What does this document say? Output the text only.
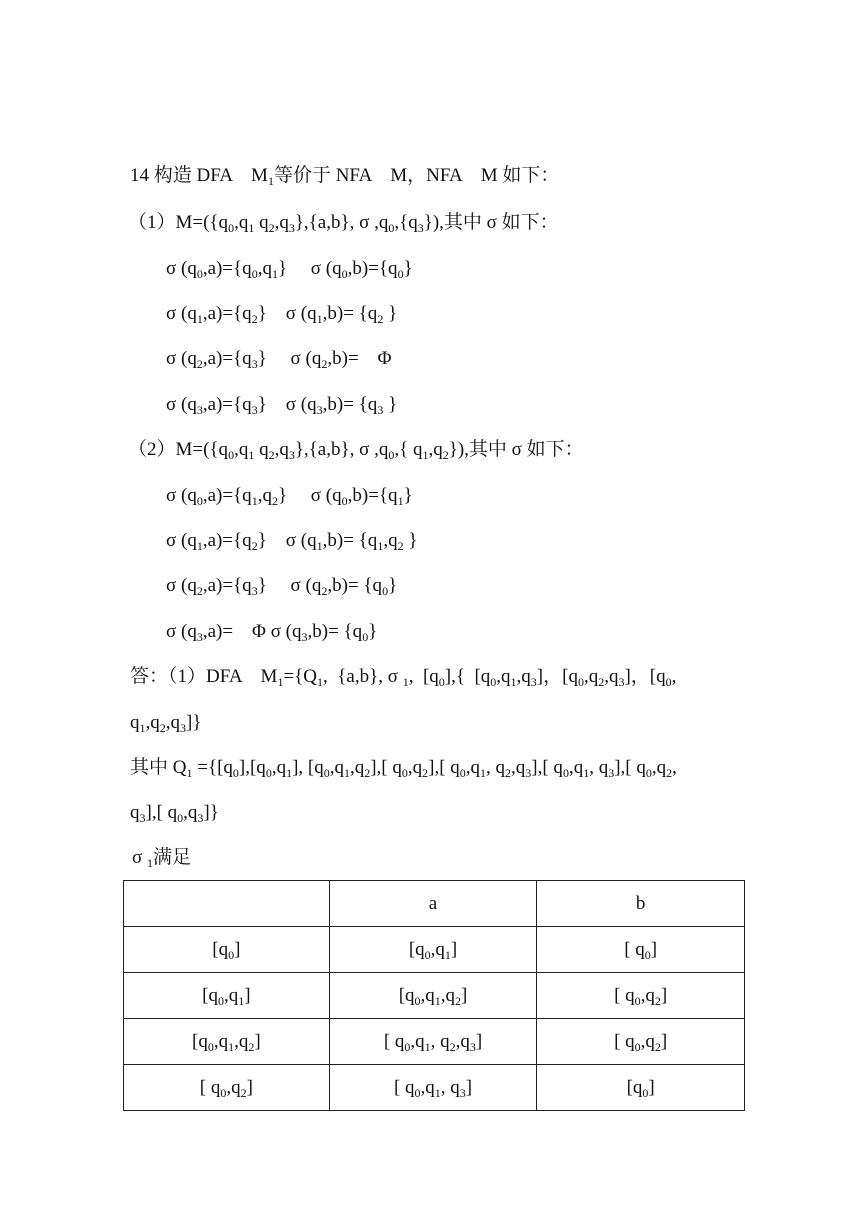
14 构造 DFA　$M_1$等价于 NFA　M，NFA　M 如下：
$(1)M=(\{q_0,q_1$ $q_2,q_3\},\{a,b\}$, σ $,q_0,\{q_3\}$),其中 σ 如下：
σ $(q_0,a)=\{q_0,q_1\}$　 σ $(q_0,b)=\{q_0\}$
σ $(q_1,a)=\{q_2\}$　σ $(q_1,b)= \{q_2$ }
σ $(q_2,a)=\{q_3\}$　 σ $(q_2,b)=$　Φ
σ $(q_3,a)=\{q_3\}$　σ $(q_3,b)= \{q_3$ }
$(2)M=(\{q_0,q_1$ $q_2,q_3\},\{a,b\}$, σ $,q_0$,{ $q_1,q_2$}),其中 σ 如下：
σ $(q_0,a)=\{q_1,q_2\}$　 σ $(q_0,b)=\{q_1\}$
σ $(q_1,a)=\{q_2\}$　σ $(q_1,b)= \{q_1,q_2$ }
σ $(q_2,a)=\{q_3\}$　 σ $(q_2,b)= \{q_0\}$
σ $(q_3,a)=$　Φ σ $(q_3,b)= \{q_0\}$
答：（1）DFA　$M_1=\{Q_1$,  {a,b}, σ $_1$,  $[q_0]$,{  $[q_0,q_1,q_3]$，$[q_0,q_2,q_3]$，[$q_0$,
$q_1,q_2,q_3$]}
其中 $Q_1 =\{[q_0],[q_0,q_1]$, $[q_0,q_1,q_2]$,[ $q_0,q_2$],[ $q_0,q_1$, $q_2,q_3$],[ $q_0,q_1$, $q_3$],[ $q_0,q_2$,
$q_3$],[ $q_0,q_3$]}
σ $_1$满足
	a	b
$[q_0]$	$[q_0,q_1]$	[ $q_0$]
$[q_0,q_1]$	$[q_0,q_1,q_2]$	[ $q_0,q_2$]
$[q_0,q_1,q_2]$	[ $q_0,q_1$, $q_2,q_3$]	[ $q_0,q_2$]
[ $q_0,q_2$]	[ $q_0,q_1$, $q_3$]	$[q_0]$
